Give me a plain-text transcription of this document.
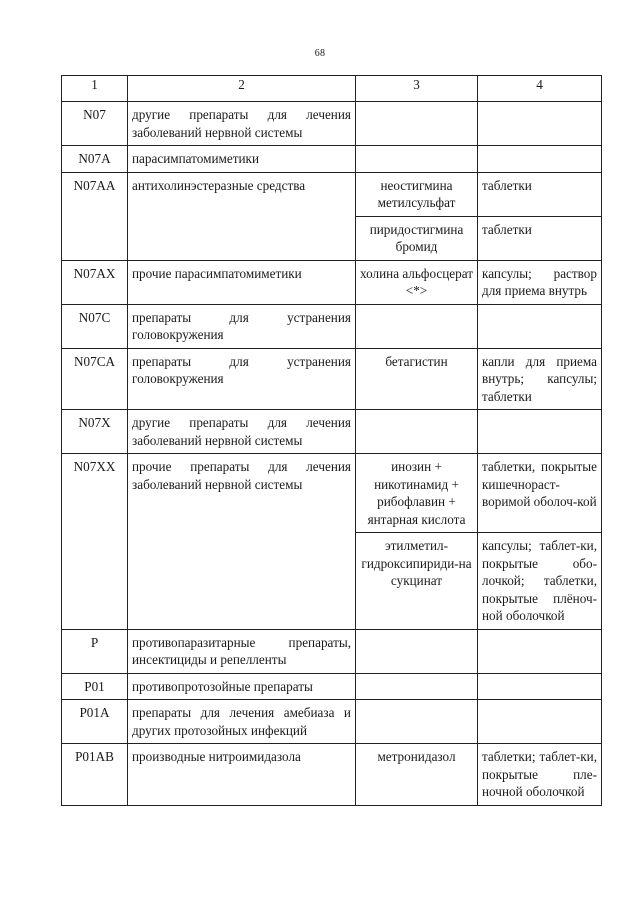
68
1	2	3	4
N07	другие препараты для лечения заболеваний нервной системы		
N07A	парасимпатомиметики		
N07AA	антихолинэстеразные средства	неостигмина метилсульфат	таблетки
		пиридостигмина бромид	таблетки
N07AX	прочие парасимпатомиметики	холина альфосцерат <*>	капсулы; раствор для приема внутрь
N07C	препараты для устранения головокружения		
N07CA	препараты для устранения головокружения	бетагистин	капли для приема внутрь; капсулы; таблетки
N07X	другие препараты для лечения заболеваний нервной системы		
N07XX	прочие препараты для лечения заболеваний нервной системы	инозин + никотинамид + рибофлавин + янтарная кислота	таблетки, покрытые кишечнораст-воримой оболоч-кой
		этилметил-гидроксипириди-на сукцинат	капсулы; таблет-ки, покрытые обо-лочкой; таблетки, покрытые плёноч-ной оболочкой
P	противопаразитарные препараты, инсектициды и репелленты		
P01	противопротозойные препараты		
P01A	препараты для лечения амебиаза и других протозойных инфекций		
P01AB	производные нитроимидазола	метронидазол	таблетки; таблет-ки, покрытые пле-ночной оболочкой
